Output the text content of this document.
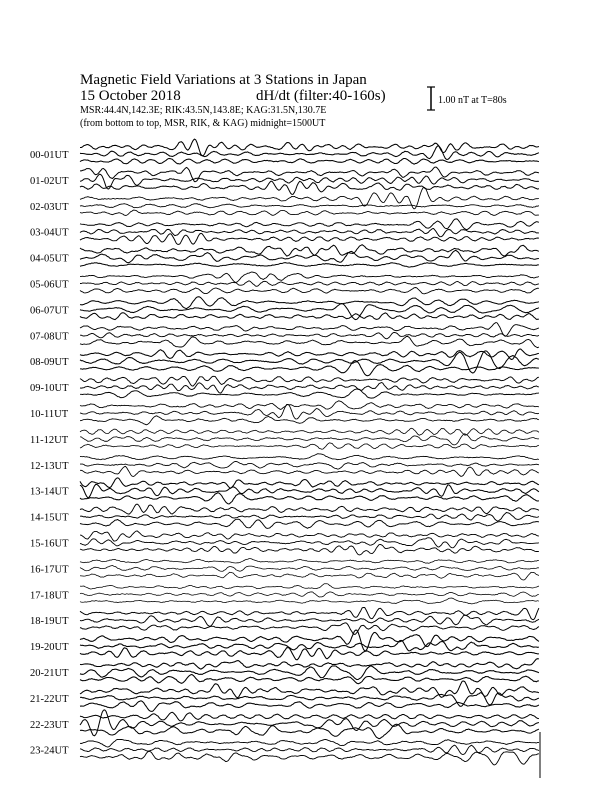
Magnetic Field Variations at 3 Stations in Japan
15 October 2018	dH/dt (filter:40-160s)
MSR:44.4N,142.3E; RIK:43.5N,143.8E; KAG:31.5N,130.7E
(from bottom to top, MSR, RIK, & KAG) midnight=1500UT
1.00 nT at T=80s
00-01UT
01-02UT
02-03UT
03-04UT
04-05UT
05-06UT
06-07UT
07-08UT
08-09UT
09-10UT
10-11UT
11-12UT
12-13UT
13-14UT
14-15UT
15-16UT
16-17UT
17-18UT
18-19UT
19-20UT
20-21UT
21-22UT
22-23UT
23-24UT
